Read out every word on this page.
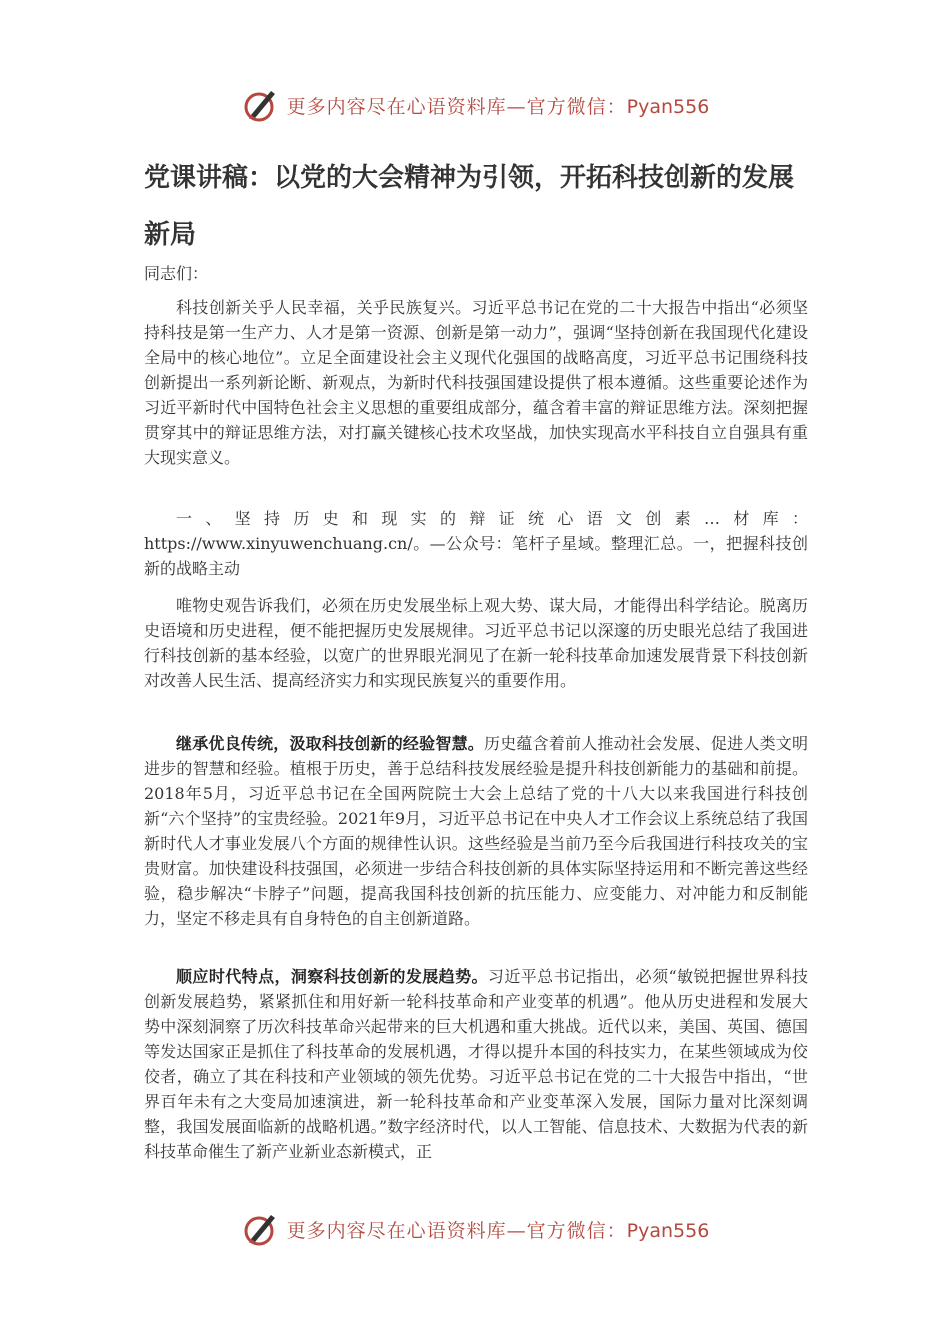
更多内容尽在心语资料库—官方微信：Pyan556
党课讲稿：以党的大会精神为引领，开拓科技创新的发展新局

同志们：

科技创新关乎人民幸福，关乎民族复兴。习近平总书记在党的二十大报告中指出“必须坚持科技是第一生产力、人才是第一资源、创新是第一动力”，强调“坚持创新在我国现代化建设全局中的核心地位”。立足全面建设社会主义现代化强国的战略高度，习近平总书记围绕科技创新提出一系列新论断、新观点，为新时代科技强国建设提供了根本遵循。这些重要论述作为习近平新时代中国特色社会主义思想的重要组成部分，蕴含着丰富的辩证思维方法。深刻把握贯穿其中的辩证思维方法，对打赢关键核心技术攻坚战，加快实现高水平科技自立自强具有重大现实意义。

一、坚持历史和现实的辩证统心语文创素…材库：https://www.xinyuwenchuang.cn/。—公众号：笔杆子星域。整理汇总。一，把握科技创新的战略主动

唯物史观告诉我们，必须在历史发展坐标上观大势、谋大局，才能得出科学结论。脱离历史语境和历史进程，便不能把握历史发展规律。习近平总书记以深邃的历史眼光总结了我国进行科技创新的基本经验，以宽广的世界眼光洞见了在新一轮科技革命加速发展背景下科技创新对改善人民生活、提高经济实力和实现民族复兴的重要作用。

继承优良传统，汲取科技创新的经验智慧。历史蕴含着前人推动社会发展、促进人类文明进步的智慧和经验。植根于历史，善于总结科技发展经验是提升科技创新能力的基础和前提。2018年5月，习近平总书记在全国两院院士大会上总结了党的十八大以来我国进行科技创新“六个坚持”的宝贵经验。2021年9月，习近平总书记在中央人才工作会议上系统总结了我国新时代人才事业发展八个方面的规律性认识。这些经验是当前乃至今后我国进行科技攻关的宝贵财富。加快建设科技强国，必须进一步结合科技创新的具体实际坚持运用和不断完善这些经验，稳步解决“卡脖子”问题，提高我国科技创新的抗压能力、应变能力、对冲能力和反制能力，坚定不移走具有自身特色的自主创新道路。

顺应时代特点，洞察科技创新的发展趋势。习近平总书记指出，必须“敏锐把握世界科技创新发展趋势，紧紧抓住和用好新一轮科技革命和产业变革的机遇”。他从历史进程和发展大势中深刻洞察了历次科技革命兴起带来的巨大机遇和重大挑战。近代以来，美国、英国、德国等发达国家正是抓住了科技革命的发展机遇，才得以提升本国的科技实力，在某些领域成为佼佼者，确立了其在科技和产业领域的领先优势。习近平总书记在党的二十大报告中指出，“世界百年未有之大变局加速演进，新一轮科技革命和产业变革深入发展，国际力量对比深刻调整，我国发展面临新的战略机遇。”数字经济时代，以人工智能、信息技术、大数据为代表的新科技革命催生了新产业新业态新模式，正

更多内容尽在心语资料库—官方微信：Pyan556
